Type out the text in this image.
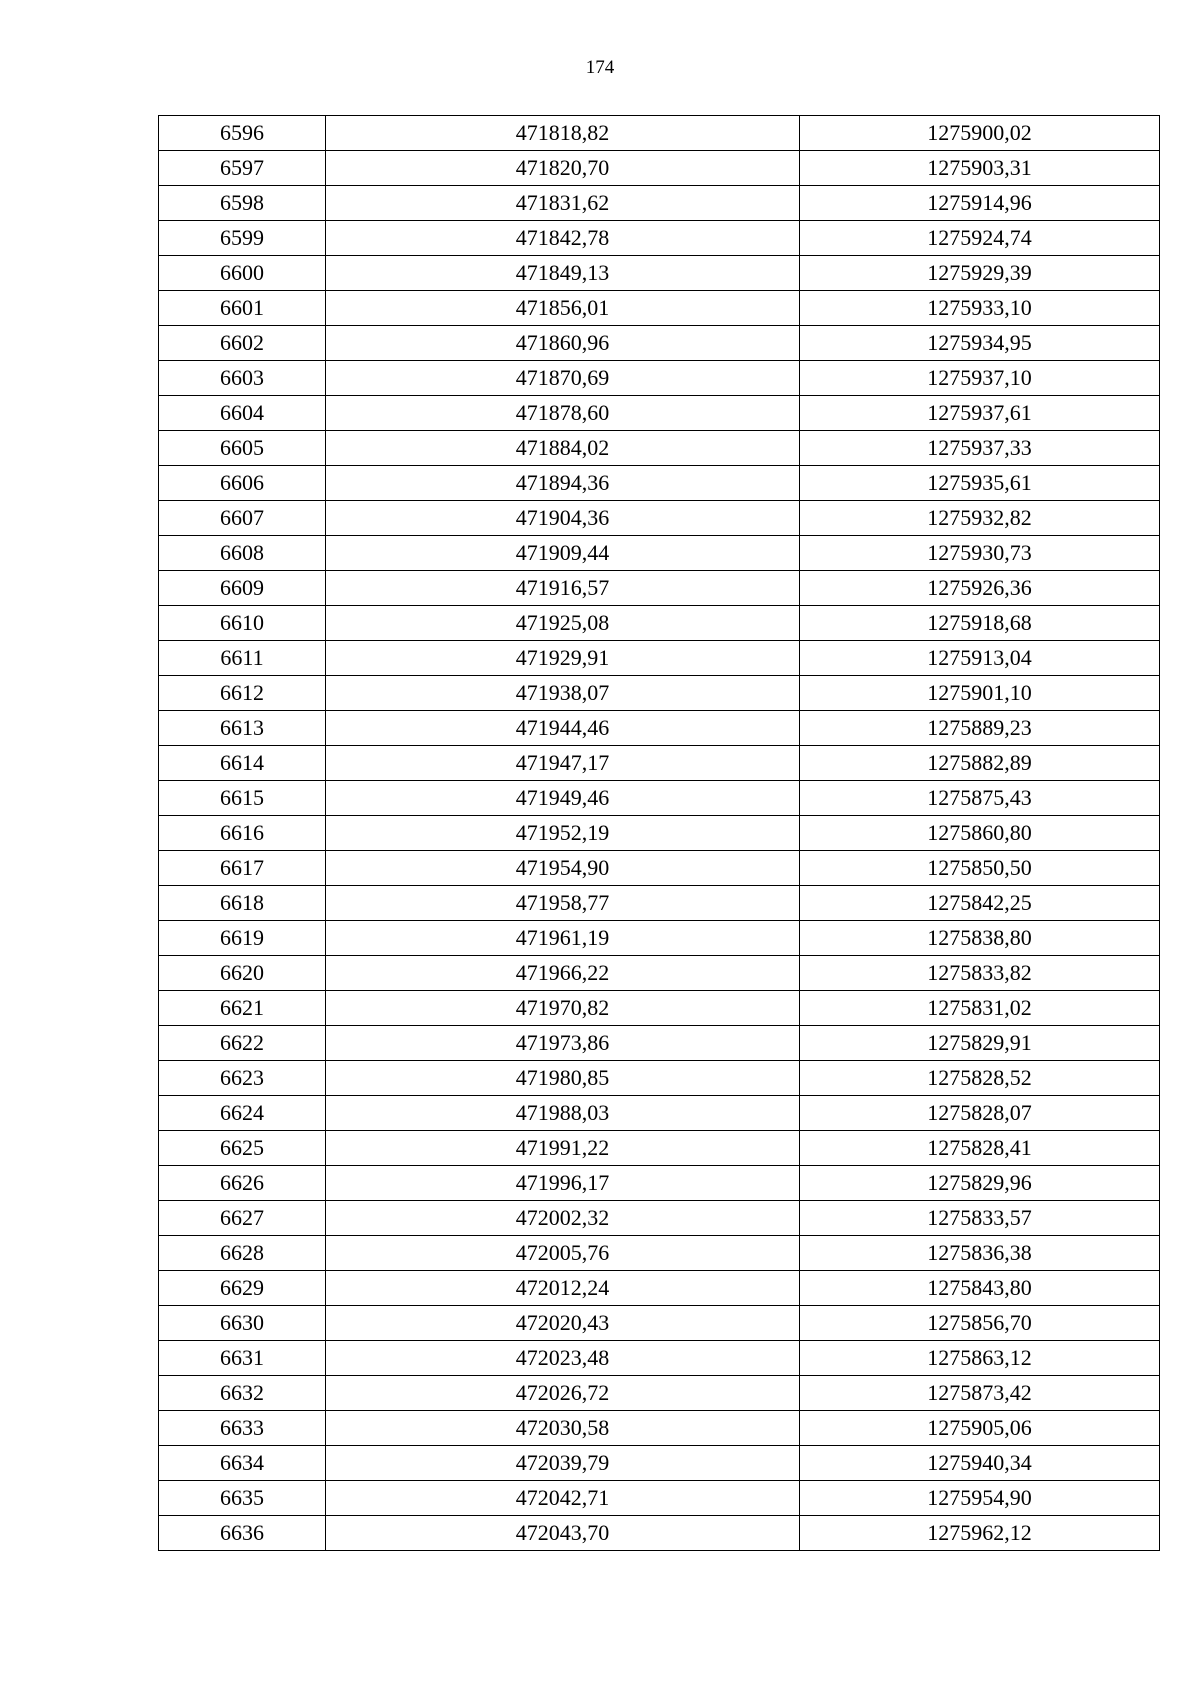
174
6596	471818,82	1275900,02
6597	471820,70	1275903,31
6598	471831,62	1275914,96
6599	471842,78	1275924,74
6600	471849,13	1275929,39
6601	471856,01	1275933,10
6602	471860,96	1275934,95
6603	471870,69	1275937,10
6604	471878,60	1275937,61
6605	471884,02	1275937,33
6606	471894,36	1275935,61
6607	471904,36	1275932,82
6608	471909,44	1275930,73
6609	471916,57	1275926,36
6610	471925,08	1275918,68
6611	471929,91	1275913,04
6612	471938,07	1275901,10
6613	471944,46	1275889,23
6614	471947,17	1275882,89
6615	471949,46	1275875,43
6616	471952,19	1275860,80
6617	471954,90	1275850,50
6618	471958,77	1275842,25
6619	471961,19	1275838,80
6620	471966,22	1275833,82
6621	471970,82	1275831,02
6622	471973,86	1275829,91
6623	471980,85	1275828,52
6624	471988,03	1275828,07
6625	471991,22	1275828,41
6626	471996,17	1275829,96
6627	472002,32	1275833,57
6628	472005,76	1275836,38
6629	472012,24	1275843,80
6630	472020,43	1275856,70
6631	472023,48	1275863,12
6632	472026,72	1275873,42
6633	472030,58	1275905,06
6634	472039,79	1275940,34
6635	472042,71	1275954,90
6636	472043,70	1275962,12
